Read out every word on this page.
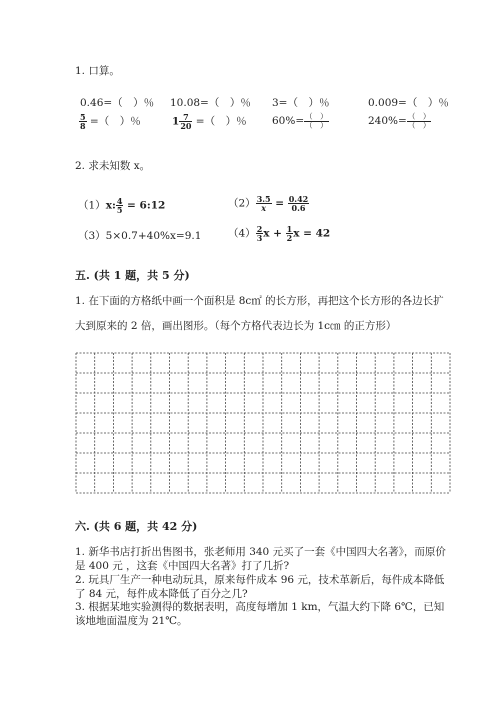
1. 口算。
0.46=（　）％ 10.08=（　）％ 3=（　）％	0.009=（　）％
$\frac{5}{8}$ =（　）％	$1 \frac{7}{20}$ =（　）％ $60\%= \frac{( )}{( )}$	$240\%= \frac{( )}{( )}$
2. 求未知数 x。
（1）x: $\frac{4}{5}$ = 6:12	$(2) \frac{3.5}{x} = \frac{0.42}{0.6}$
（3）5×0.7+40%x=9.1	$(4) \frac{2}{3}$ $x + \frac{1}{2}$ x = 42
五. (共 1 题，共 5 分)
1. 在下面的方格纸中画一个面积是 8c㎡ 的长方形，再把这个长方形的各边长扩
大到原来的 2 倍，画出图形。（每个方格代表边长为 1c㎝ 的正方形）
六. (共 6 题，共 42 分)
1. 新华书店打折出售图书，张老师用 340 元买了一套《中国四大名著》，而原价
是 400 元 ，这套《中国四大名著》打了几折?
2. 玩具厂生产一种电动玩具，原来每件成本 96 元，技术革新后，每件成本降低
了 84 元，每件成本降低了百分之几?
3. 根据某地实验测得的数据表明，高度每增加 1 km，气温大约下降 6℃，已知
该地地面温度为 21℃。
